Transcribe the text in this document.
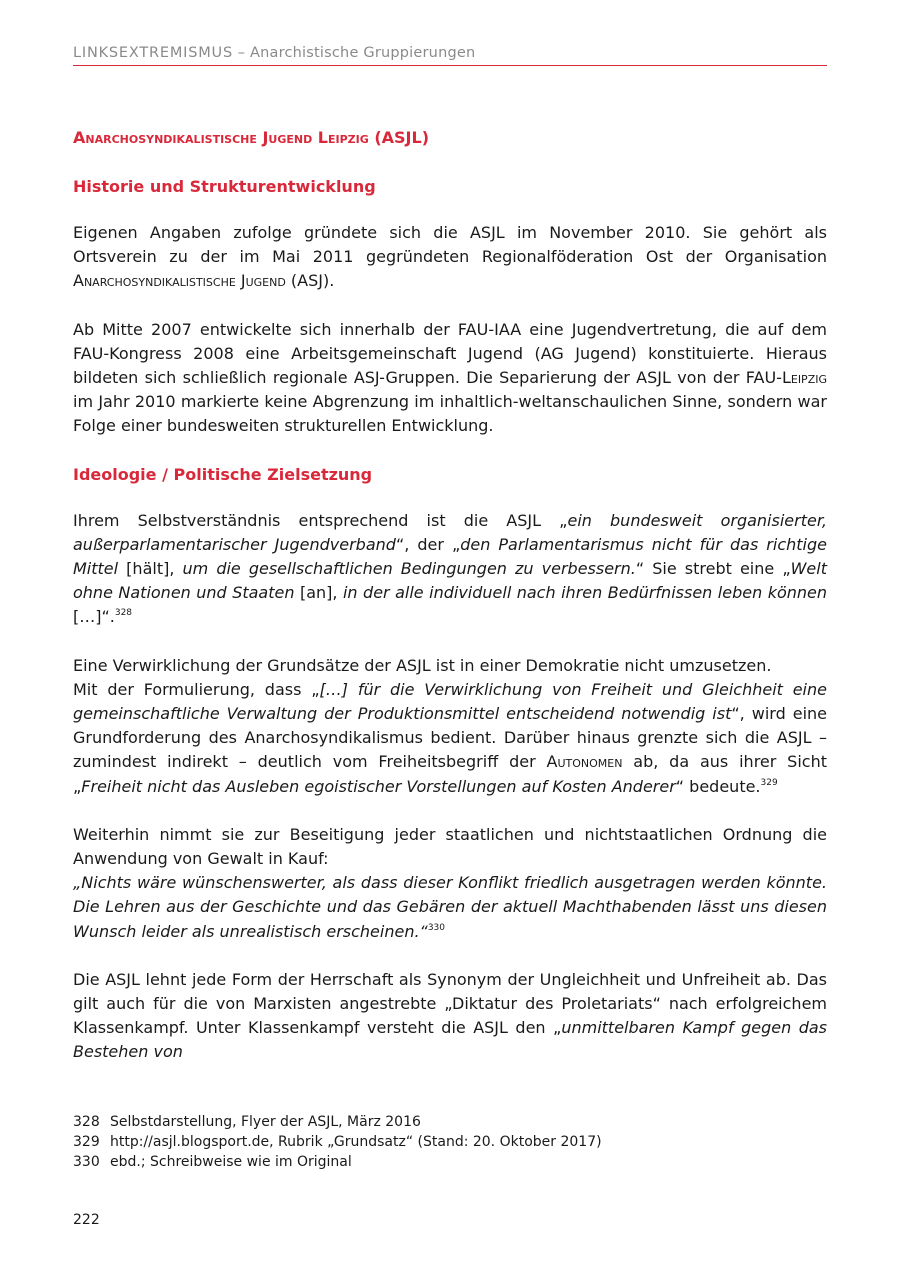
LINKSEXTREMISMUS – Anarchistische Gruppierungen
Anarchosyndikalistische Jugend Leipzig (ASJL)
Historie und Strukturentwicklung

Eigenen Angaben zufolge gründete sich die ASJL im November 2010. Sie gehört als Ortsverein zu der im Mai 2011 gegründeten Regionalföderation Ost der Organisation Anarchosyndikalistische Jugend (ASJ).

Ab Mitte 2007 entwickelte sich innerhalb der FAU-IAA eine Jugendvertretung, die auf dem FAU-Kongress 2008 eine Arbeitsgemeinschaft Jugend (AG Jugend) konstituierte. Hieraus bildeten sich schließlich regionale ASJ-Gruppen. Die Separierung der ASJL von der FAU-Leipzig im Jahr 2010 markierte keine Abgrenzung im inhaltlich-weltanschaulichen Sinne, sondern war Folge einer bundesweiten strukturellen Entwicklung.

Ideologie / Politische Zielsetzung

Ihrem Selbstverständnis entsprechend ist die ASJL „ein bundesweit organisierter, außerparlamentarischer Jugendverband“, der „den Parlamentarismus nicht für das richtige Mittel [hält], um die gesellschaftlichen Bedingungen zu verbessern.“ Sie strebt eine „Welt ohne Nationen und Staaten [an], in der alle individuell nach ihren Bedürfnissen leben können […]“.$^{328}$

Eine Verwirklichung der Grundsätze der ASJL ist in einer Demokratie nicht umzusetzen.
Mit der Formulierung, dass „[…] für die Verwirklichung von Freiheit und Gleichheit eine gemeinschaftliche Verwaltung der Produktionsmittel entscheidend notwendig ist“, wird eine Grundforderung des Anarchosyndikalismus bedient. Darüber hinaus grenzte sich die ASJL – zumindest indirekt – deutlich vom Freiheitsbegriff der Autonomen ab, da aus ihrer Sicht „Freiheit nicht das Ausleben egoistischer Vorstellungen auf Kosten Anderer“ bedeute.$^{329}$

Weiterhin nimmt sie zur Beseitigung jeder staatlichen und nichtstaatlichen Ordnung die Anwendung von Gewalt in Kauf:
„Nichts wäre wünschenswerter, als dass dieser Konflikt friedlich ausgetragen werden könnte. Die Lehren aus der Geschichte und das Gebären der aktuell Machthabenden lässt uns diesen Wunsch leider als unrealistisch erscheinen.“$^{330}$

Die ASJL lehnt jede Form der Herrschaft als Synonym der Ungleichheit und Unfreiheit ab. Das gilt auch für die von Marxisten angestrebte „Diktatur des Proletariats“ nach erfolgreichem Klassenkampf. Unter Klassenkampf versteht die ASJL den „unmittelbaren Kampf gegen das Bestehen von

328 Selbstdarstellung, Flyer der ASJL, März 2016
329 http://asjl.blogsport.de, Rubrik „Grundsatz“ (Stand: 20. Oktober 2017)
330 ebd.; Schreibweise wie im Original
222
